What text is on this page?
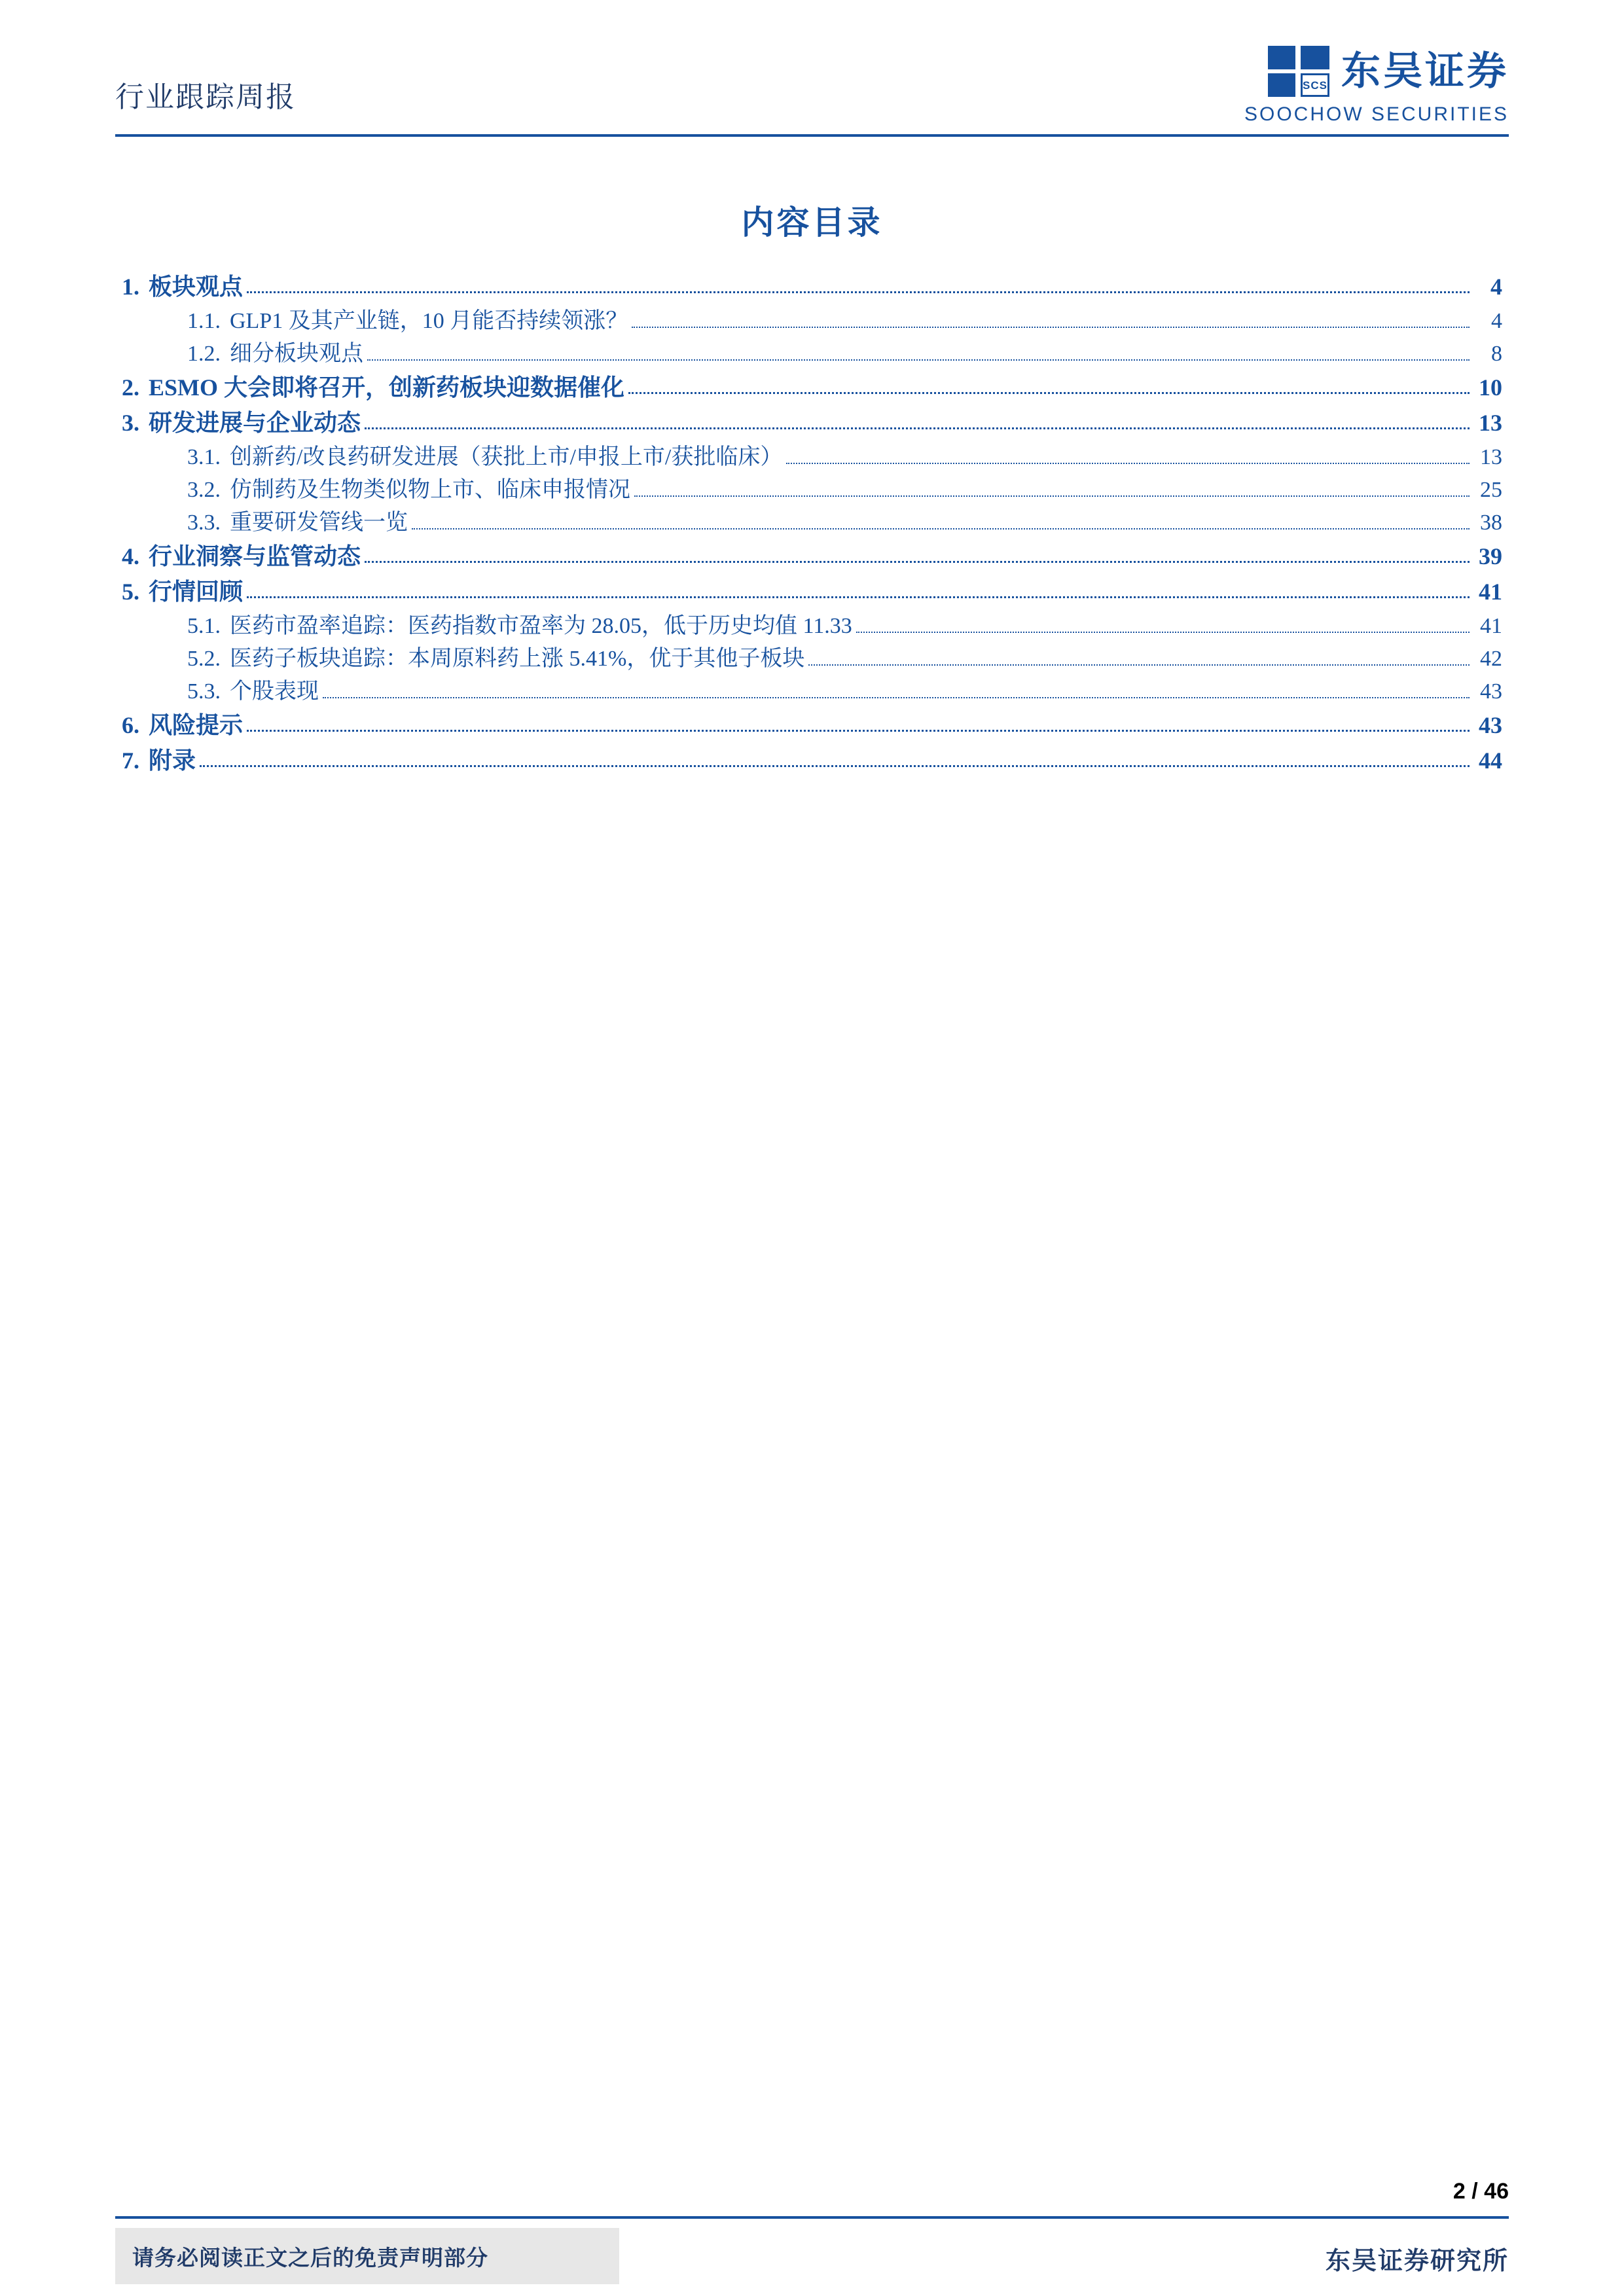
行业跟踪周报	SCS 东吴证券
SOOCHOW SECURITIES
内容目录
1. 板块观点	4
1.1. GLP1 及其产业链，10 月能否持续领涨？	4
1.2. 细分板块观点	8
2. ESMO 大会即将召开，创新药板块迎数据催化	10
3. 研发进展与企业动态	13
3.1. 创新药/改良药研发进展（获批上市/申报上市/获批临床）	13
3.2. 仿制药及生物类似物上市、临床申报情况	25
3.3. 重要研发管线一览	38
4. 行业洞察与监管动态	39
5. 行情回顾	41
5.1. 医药市盈率追踪：医药指数市盈率为 28.05，低于历史均值 11.33	41
5.2. 医药子板块追踪：本周原料药上涨 5.41%，优于其他子板块	42
5.3. 个股表现	43
6. 风险提示	43
7. 附录	44
2 / 46
请务必阅读正文之后的免责声明部分	东吴证券研究所
